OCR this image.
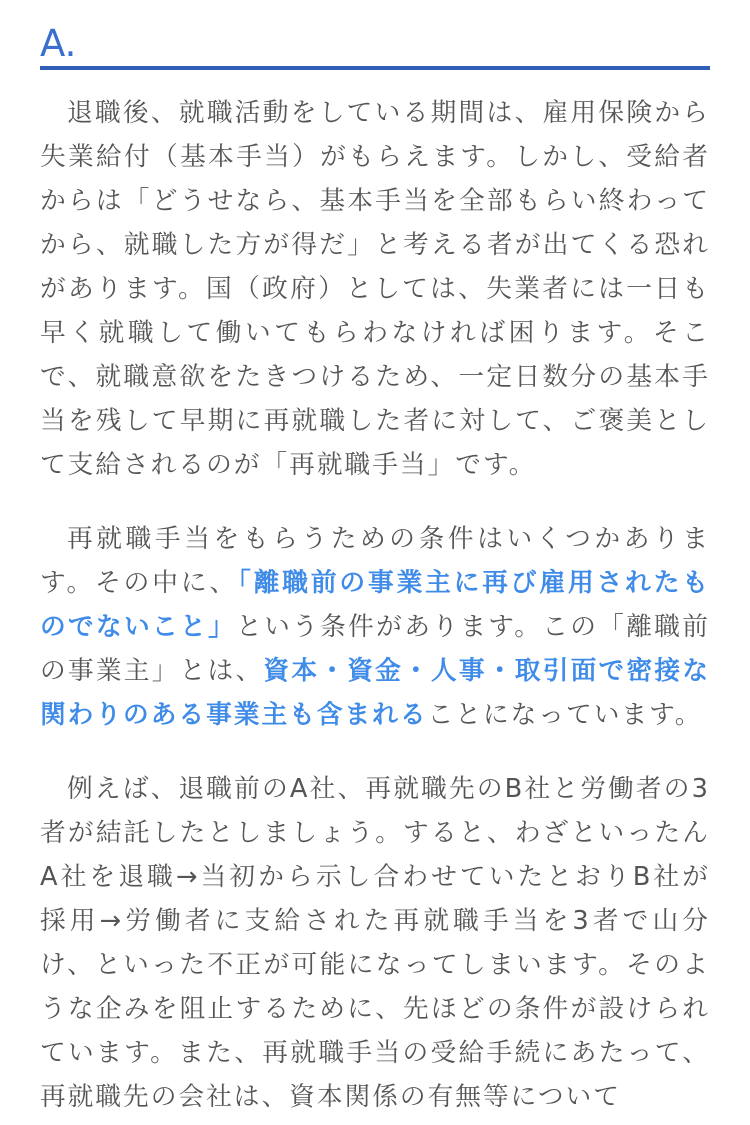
A.

退職後、就職活動をしている期間は、雇用保険から失業給付（基本手当）がもらえます。しかし、受給者からは「どうせなら、基本手当を全部もらい終わってから、就職した方が得だ」と考える者が出てくる恐れがあります。国（政府）としては、失業者には一日も早く就職して働いてもらわなければ困ります。そこで、就職意欲をたきつけるため、一定日数分の基本手当を残して早期に再就職した者に対して、ご褒美として支給されるのが「再就職手当」です。

再就職手当をもらうための条件はいくつかあります。その中に、「離職前の事業主に再び雇用されたものでないこと」という条件があります。この「離職前の事業主」とは、資本・資金・人事・取引面で密接な関わりのある事業主も含まれることになっています。

例えば、退職前のA社、再就職先のB社と労働者の3者が結託したとしましょう。すると、わざといったんA社を退職→当初から示し合わせていたとおりB社が採用→労働者に支給された再就職手当を3者で山分け、といった不正が可能になってしまいます。そのような企みを阻止するために、先ほどの条件が設けられています。また、再就職手当の受給手続にあたって、再就職先の会社は、資本関係の有無等について
